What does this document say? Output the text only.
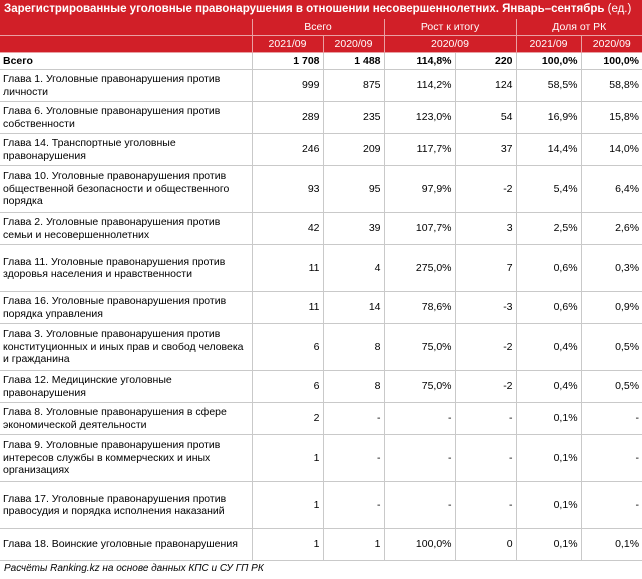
Зарегистрированные уголовные правонарушения в отношении несовершеннолетних. Январь–сентябрь (ед.)
	Всего		Рост к итогу		Доля от РК	
	2021/09	2020/09	2020/09		2021/09	2020/09
Всего	1 708	1 488	114,8%	220	100,0%	100,0%
Глава 1. Уголовные правонарушения против личности	999	875	114,2%	124	58,5%	58,8%
Глава 6. Уголовные правонарушения против собственности	289	235	123,0%	54	16,9%	15,8%
Глава 14. Транспортные уголовные правонарушения	246	209	117,7%	37	14,4%	14,0%
Глава 10. Уголовные правонарушения против общественной безопасности и общественного порядка	93	95	97,9%	-2	5,4%	6,4%
Глава 2. Уголовные правонарушения против семьи и несовершеннолетних	42	39	107,7%	3	2,5%	2,6%
Глава 11. Уголовные правонарушения против здоровья населения и нравственности	11	4	275,0%	7	0,6%	0,3%
Глава 16. Уголовные правонарушения против порядка управления	11	14	78,6%	-3	0,6%	0,9%
Глава 3. Уголовные правонарушения против конституционных и иных прав и свобод человека и гражданина	6	8	75,0%	-2	0,4%	0,5%
Глава 12. Медицинские уголовные правонарушения	6	8	75,0%	-2	0,4%	0,5%
Глава 8. Уголовные правонарушения в сфере экономической деятельности	2	-	-	-	0,1%	-
Глава 9. Уголовные правонарушения против интересов службы в коммерческих и иных организациях	1	-	-	-	0,1%	-
Глава 17. Уголовные правонарушения против правосудия и порядка исполнения наказаний	1	-	-	-	0,1%	-
Глава 18. Воинские уголовные правонарушения	1	1	100,0%	0	0,1%	0,1%
Расчёты Ranking.kz на основе данных КПС и СУ ГП РК
